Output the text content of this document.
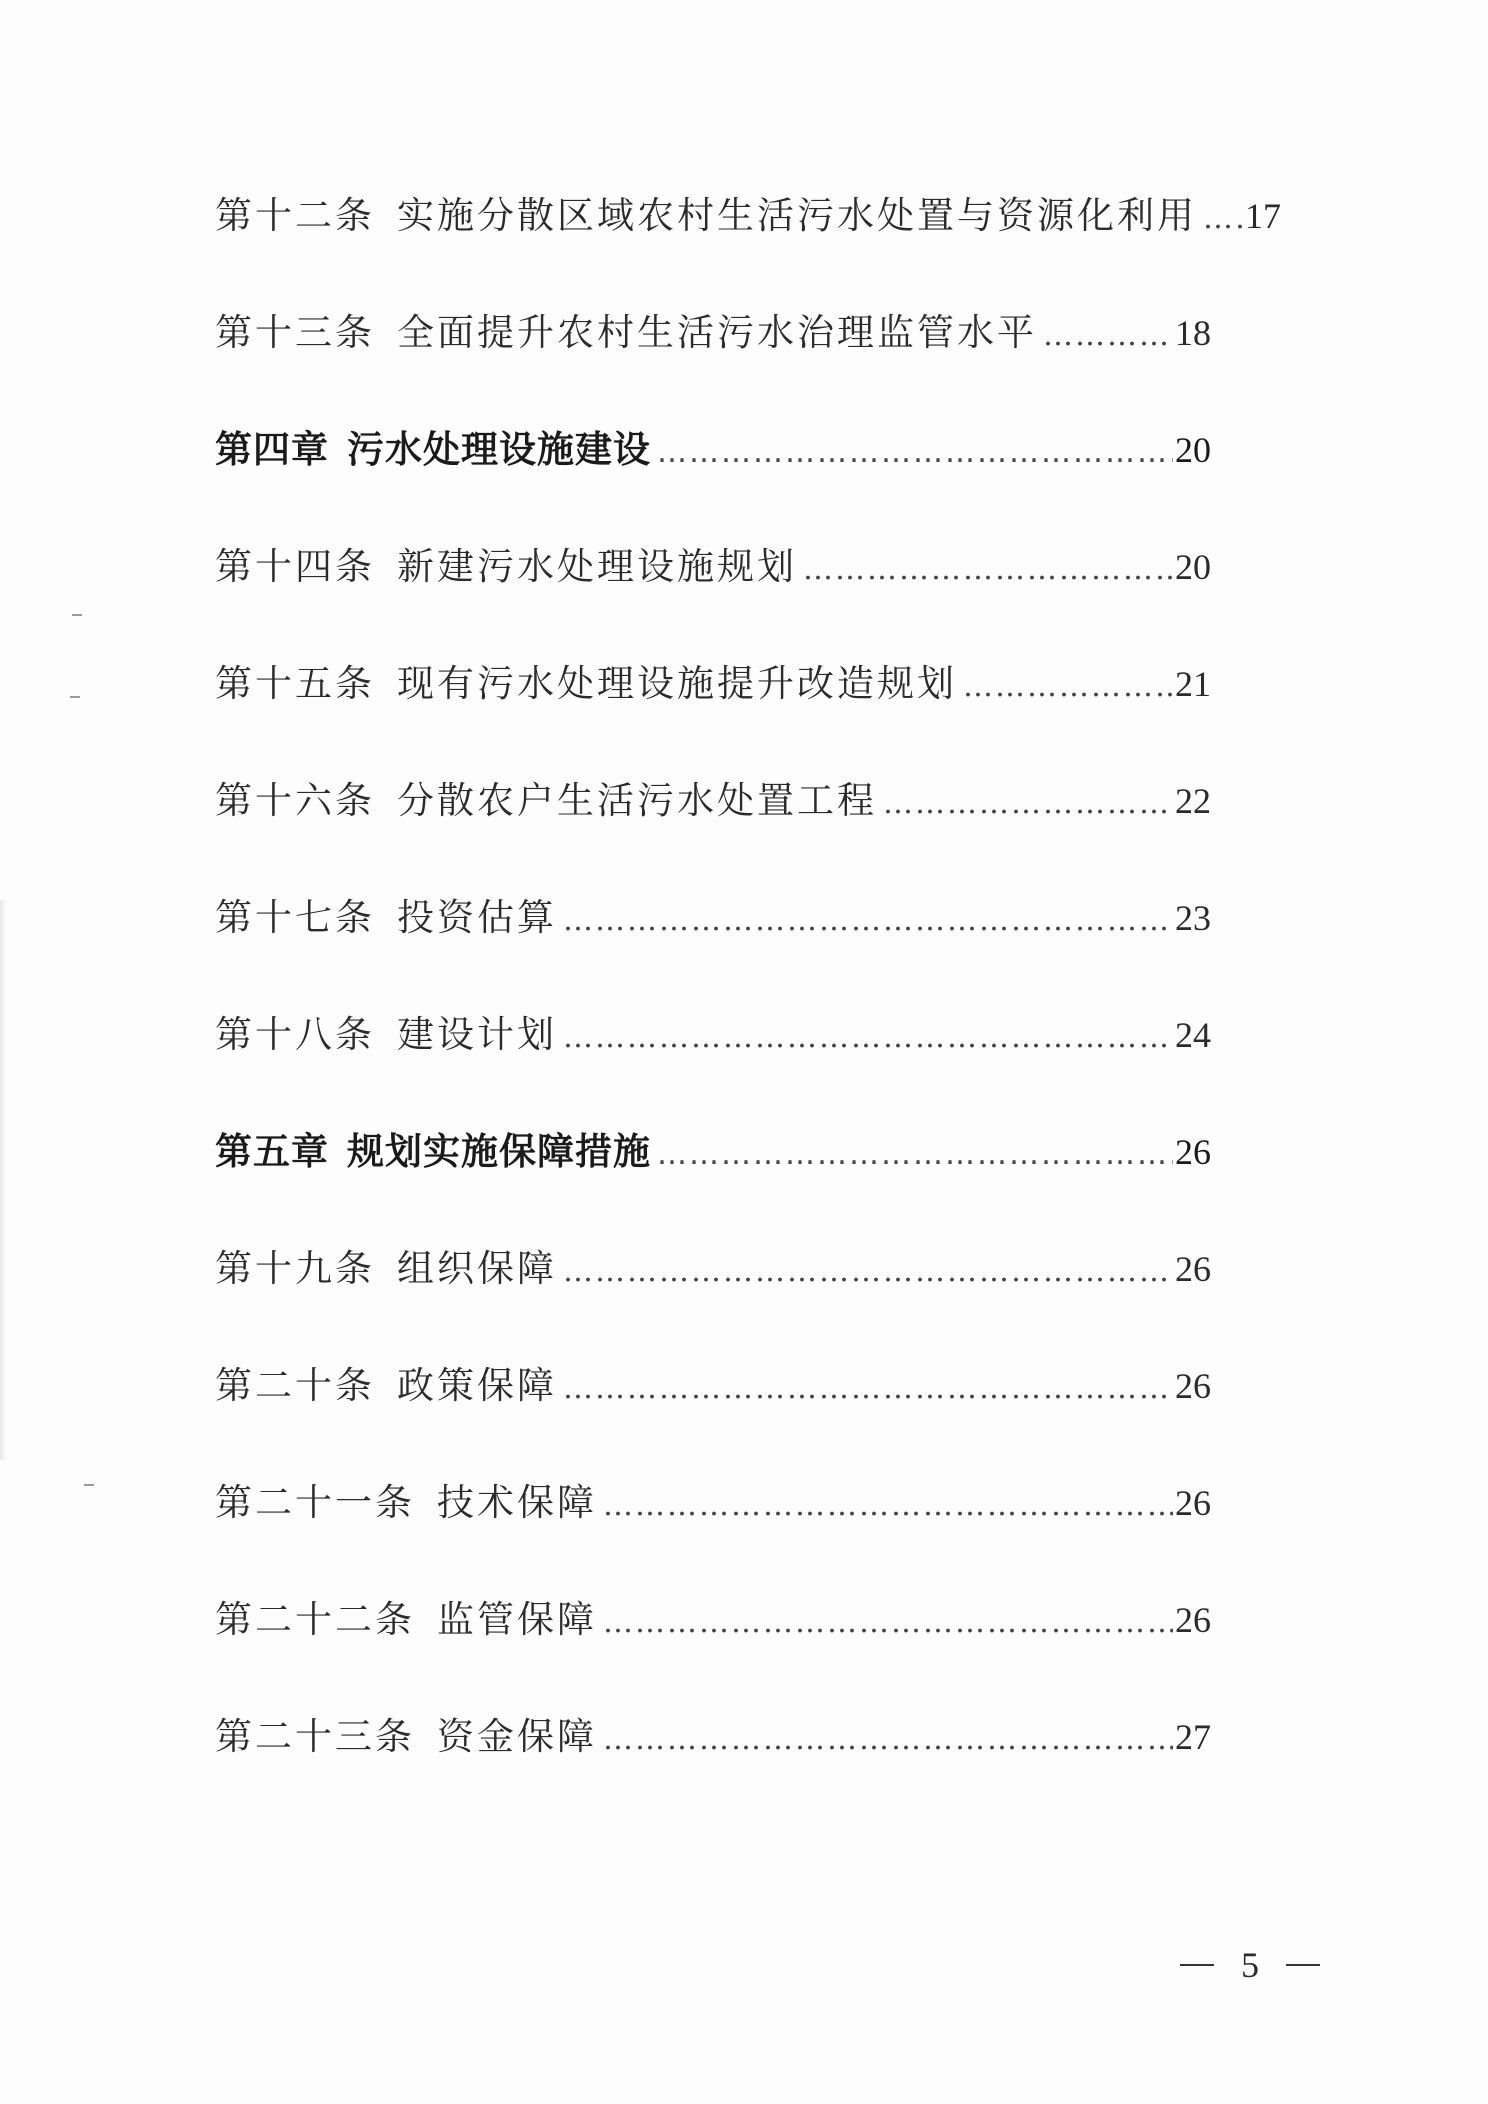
第十二条 实施分散区域农村生活污水处置与资源化利用 …………………………………………………………………………………………………………………………………… 17
第十三条 全面提升农村生活污水治理监管水平 ……………………………………………………………………………………………………………………………………	18
第四章 污水处理设施建设 ……………………………………………………………………………………………………………………………………	20
第十四条 新建污水处理设施规划 ……………………………………………………………………………………………………………………………………	20
第十五条 现有污水处理设施提升改造规划 ……………………………………………………………………………………………………………………………………	21
第十六条 分散农户生活污水处置工程 ……………………………………………………………………………………………………………………………………	22
第十七条 投资估算 ……………………………………………………………………………………………………………………………………	23
第十八条 建设计划 ……………………………………………………………………………………………………………………………………	24
第五章 规划实施保障措施 ……………………………………………………………………………………………………………………………………	26
第十九条 组织保障 ……………………………………………………………………………………………………………………………………	26
第二十条 政策保障 ……………………………………………………………………………………………………………………………………	26
第二十一条 技术保障 ……………………………………………………………………………………………………………………………………	26
第二十二条 监管保障 ……………………………………………………………………………………………………………………………………	26
第二十三条 资金保障 ……………………………………………………………………………………………………………………………………	27
5
